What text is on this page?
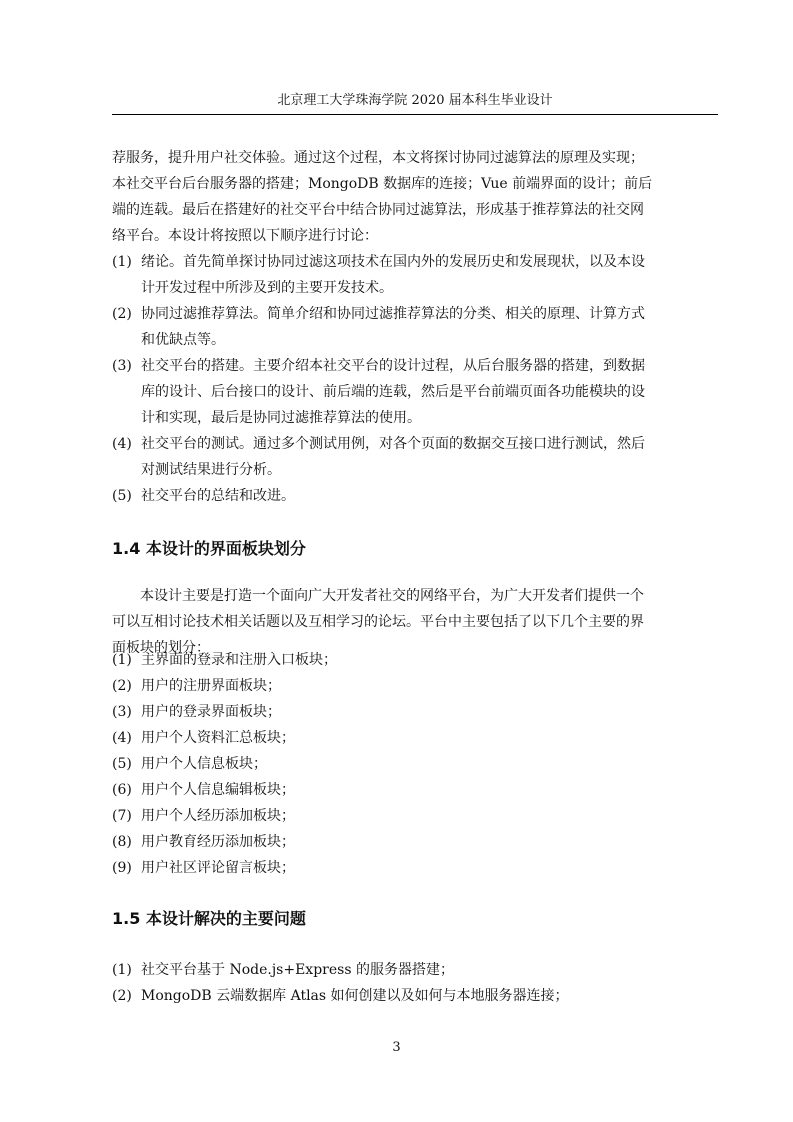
北京理工大学珠海学院 2020 届本科生毕业设计
荐服务，提升用户社交体验。通过这个过程，本文将探讨协同过滤算法的原理及实现；
本社交平台后台服务器的搭建；MongoDB 数据库的连接；Vue 前端界面的设计；前后
端的连载。最后在搭建好的社交平台中结合协同过滤算法，形成基于推荐算法的社交网
络平台。本设计将按照以下顺序进行讨论：
(1) 绪论。首先简单探讨协同过滤这项技术在国内外的发展历史和发展现状，以及本设
计开发过程中所涉及到的主要开发技术。
(2) 协同过滤推荐算法。简单介绍和协同过滤推荐算法的分类、相关的原理、计算方式
和优缺点等。
(3) 社交平台的搭建。主要介绍本社交平台的设计过程，从后台服务器的搭建，到数据
库的设计、后台接口的设计、前后端的连载，然后是平台前端页面各功能模块的设
计和实现，最后是协同过滤推荐算法的使用。
(4) 社交平台的测试。通过多个测试用例，对各个页面的数据交互接口进行测试，然后
对测试结果进行分析。
(5) 社交平台的总结和改进。
1.4 本设计的界面板块划分
本设计主要是打造一个面向广大开发者社交的网络平台，为广大开发者们提供一个
可以互相讨论技术相关话题以及互相学习的论坛。平台中主要包括了以下几个主要的界
面板块的划分：
(1) 主界面的登录和注册入口板块；
(2) 用户的注册界面板块；
(3) 用户的登录界面板块；
(4) 用户个人资料汇总板块；
(5) 用户个人信息板块；
(6) 用户个人信息编辑板块；
(7) 用户个人经历添加板块；
(8) 用户教育经历添加板块；
(9) 用户社区评论留言板块；
1.5 本设计解决的主要问题
(1) 社交平台基于 Node.js+Express 的服务器搭建；
(2) MongoDB 云端数据库 Atlas 如何创建以及如何与本地服务器连接；
3
